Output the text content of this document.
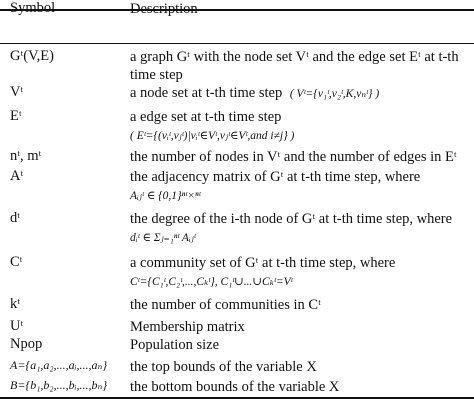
Symbol	Description
Gᵗ(V,E)	a graph Gᵗ with the node set Vᵗ and the edge set Eᵗ at t-th time step
Vᵗ	a node set at t-th time step ( Vᵗ={v₁ᵗ,v₂ᵗ,K,vₙᵗ} )
Eᵗ	a edge set at t-th time step
( Eᵗ={(vᵢᵗ,vⱼᵗ)|vᵢᵗ∈Vᵗ,vⱼᵗ∈Vᵗ,and i≠j} )
nᵗ, mᵗ	the number of nodes in Vᵗ and the number of edges in Eᵗ
Aᵗ	the adjacency matrix of Gᵗ at t-th time step, where
Aᵢⱼᵗ ∈ {0,1}ⁿᵗ×ⁿᵗ
dᵗ	the degree of the i-th node of Gᵗ at t-th time step, where
dᵢᵗ ∈ Σⱼ₌₁ⁿᵗ Aᵢⱼᵗ
Cᵗ	a community set of Gᵗ at t-th time step, where
Cᵗ={C₁ᵗ,C₂ᵗ,...,Cₖᵗ}, C₁ᵗ∪...∪Cₖᵗ=Vᵗ
kᵗ	the number of communities in Cᵗ
Uᵗ	Membership matrix
Npop	Population size
A={a₁,a₂,...,aᵢ,...,aₙ} the top bounds of the variable X
B={b₁,b₂,...,bᵢ,...,bₙ} the bottom bounds of the variable X
